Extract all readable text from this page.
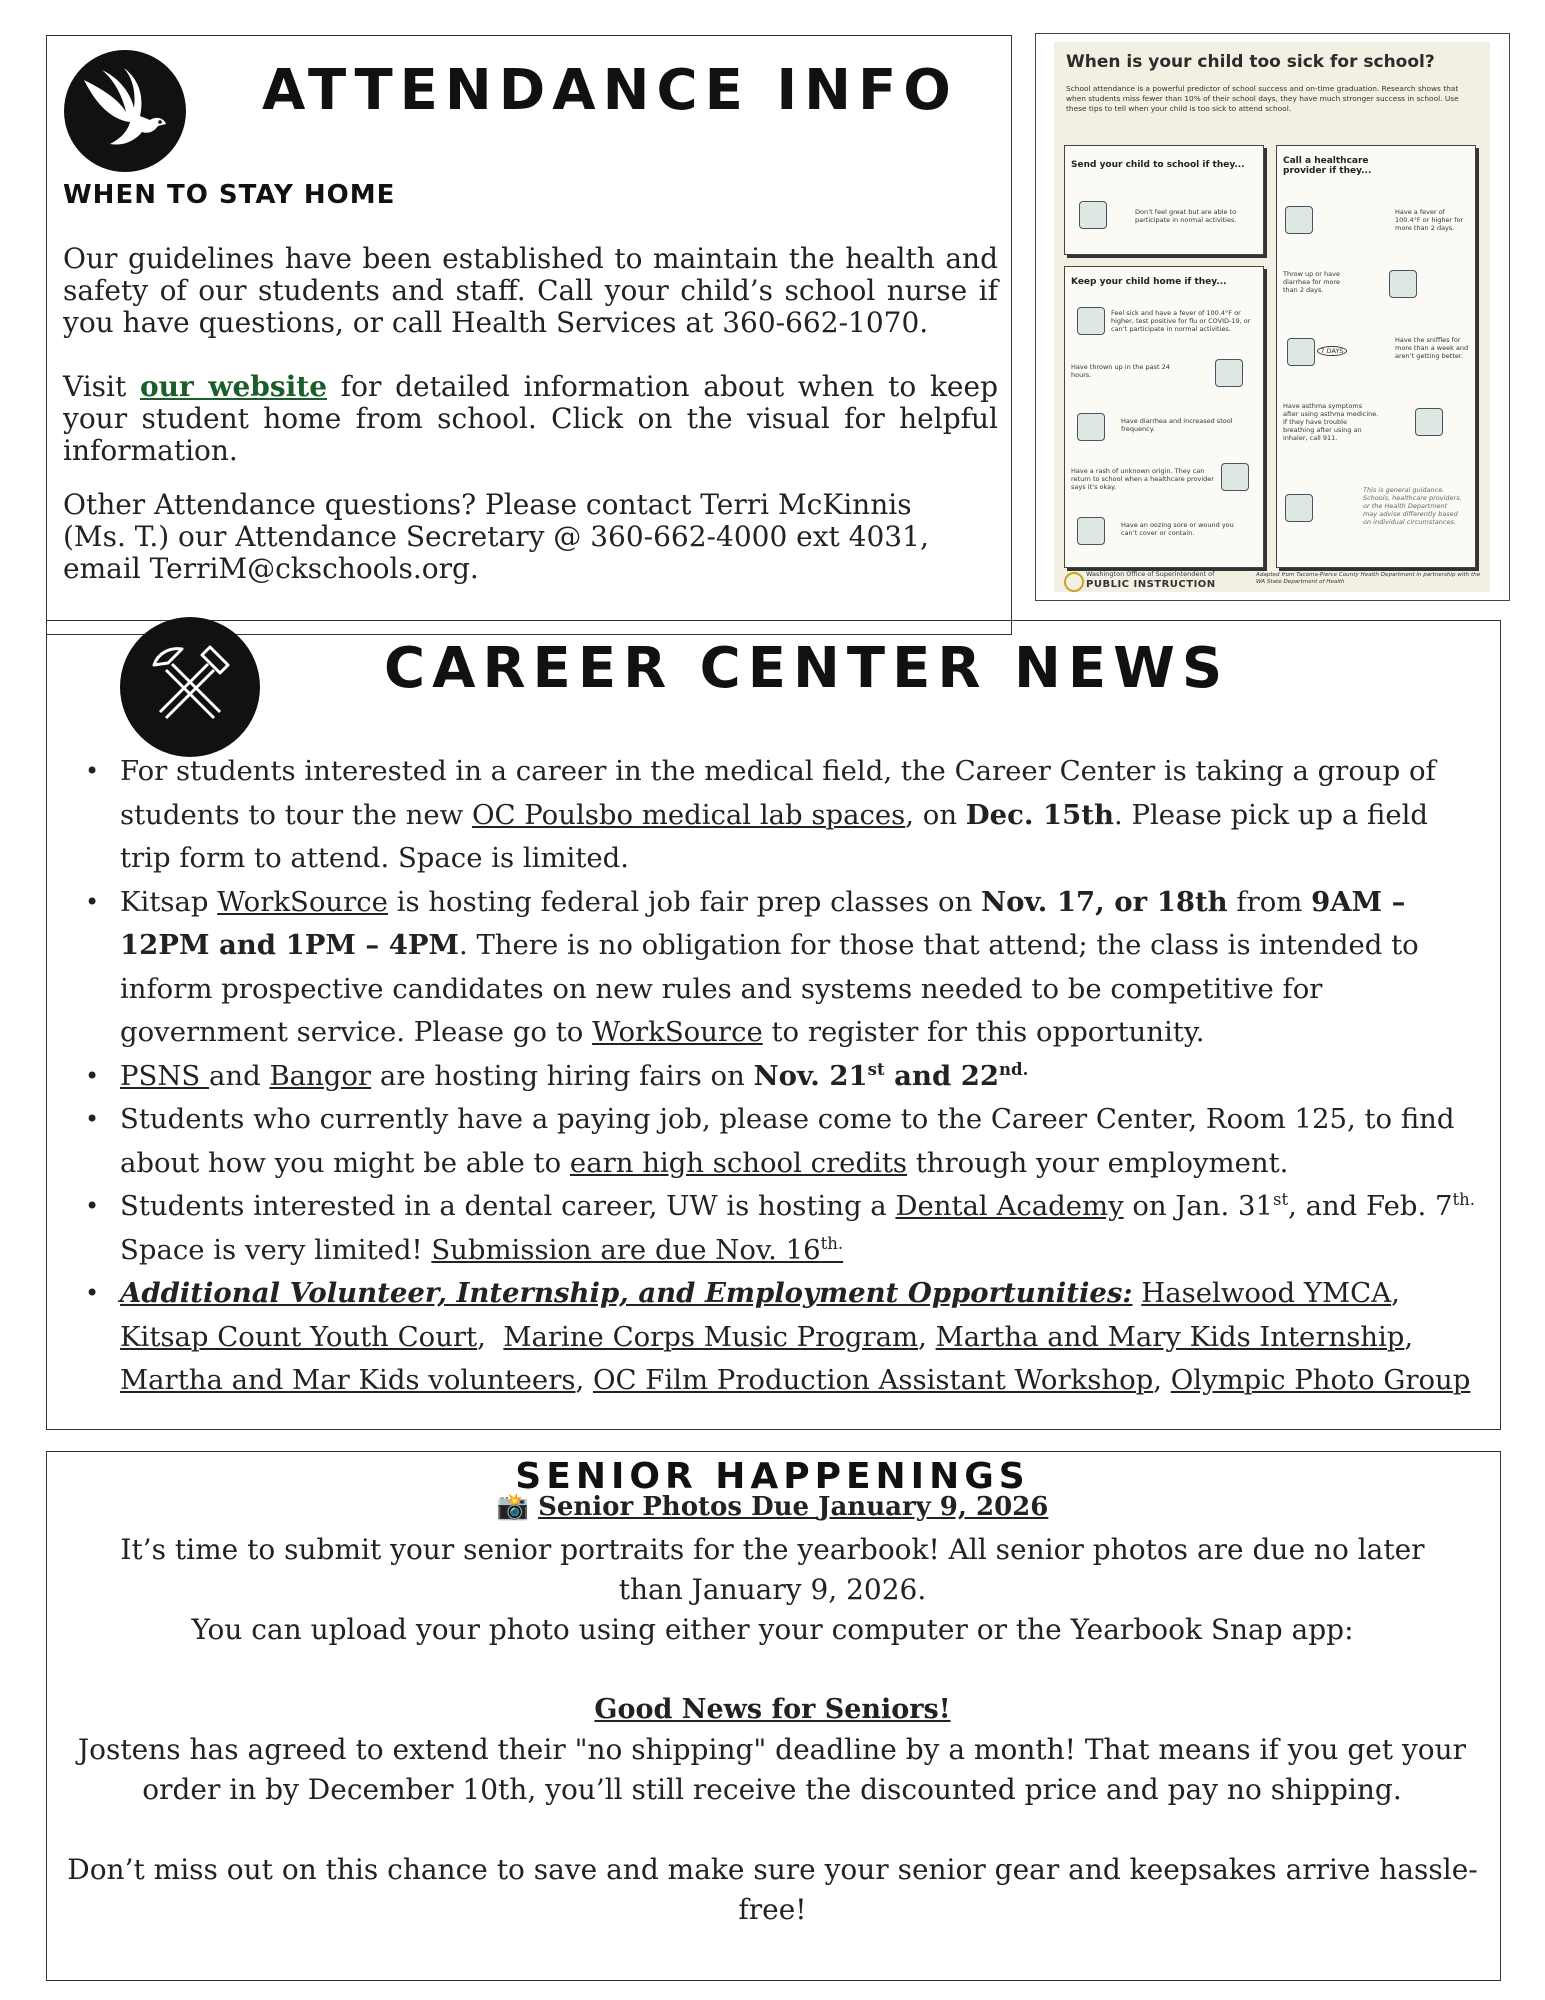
ATTENDANCE INFO
WHEN TO STAY HOME

Our guidelines have been established to maintain the health and safety of our students and staff. Call your child’s school nurse if you have questions, or call Health Services at 360-662-1070.

Visit our website for detailed information about when to keep your student home from school. Click on the visual for helpful information.

Other Attendance questions? Please contact Terri McKinnis
(Ms. T.) our Attendance Secretary @ 360-662-4000 ext 4031,
email TerriM@ckschools.org.

When is your child too sick for school?

School attendance is a powerful predictor of school success and on-time graduation. Research shows that when students miss fewer than 10% of their school days, they have much stronger success in school. Use these tips to tell when your child is too sick to attend school.

Send your child to school if they...

Don’t feel great but are able to participate in normal activities.

Keep your child home if they...

Feel sick and have a fever of 100.4°F or higher, test positive for flu or COVID-19, or can’t participate in normal activities.

Have thrown up in the past 24 hours.

Have diarrhea and increased stool frequency.

Have a rash of unknown origin. They can return to school when a healthcare provider says it’s okay.

Have an oozing sore or wound you can’t cover or contain.

Call a healthcare provider if they...

Have a fever of 100.4°F or higher for more than 2 days.

Throw up or have diarrhea for more than 2 days.

7 DAYS

Have the sniffles for more than a week and aren’t getting better.

Have asthma symptoms after using asthma medicine. If they have trouble breathing after using an inhaler, call 911.

This is general guidance. Schools, healthcare providers, or the Health Department may advise differently based on individual circumstances.

Washington Office of Superintendent of

PUBLIC INSTRUCTION

Adapted from Tacoma-Pierce County Health Department in partnership with the WA State Department of Health

CAREER CENTER NEWS
• For students interested in a career in the medical field, the Career Center is taking a group of students to tour the new OC Poulsbo medical lab spaces, on Dec. 15th. Please pick up a field trip form to attend. Space is limited.
• Kitsap WorkSource is hosting federal job fair prep classes on Nov. 17, or 18th from 9AM – 12PM and 1PM – 4PM. There is no obligation for those that attend; the class is intended to inform prospective candidates on new rules and systems needed to be competitive for government service. Please go to WorkSource to register for this opportunity.
• PSNS and Bangor are hosting hiring fairs on Nov. 21st and $22^{nd.}$
• Students who currently have a paying job, please come to the Career Center, Room 125, to find about how you might be able to earn high school credits through your employment.
• Students interested in a dental career, UW is hosting a Dental Academy on Jan. 31st, and Feb. $7^{th.}$
Space is very limited! Submission are due Nov. 16$^{th.}$
• Additional Volunteer, Internship, and Employment Opportunities: Haselwood YMCA, Kitsap Count Youth Court,  Marine Corps Music Program, Martha and Mary Kids Internship, Martha and Mar Kids volunteers, OC Film Production Assistant Workshop, Olympic Photo Group
SENIOR HAPPENINGS

📸 Senior Photos Due January 9, 2026

It’s time to submit your senior portraits for the yearbook! All senior photos are due no later than January 9, 2026.

You can upload your photo using either your computer or the Yearbook Snap app:

Good News for Seniors!

Jostens has agreed to extend their "no shipping" deadline by a month! That means if you get your order in by December 10th, you’ll still receive the discounted price and pay no shipping.

Don’t miss out on this chance to save and make sure your senior gear and keepsakes arrive hassle-free!
